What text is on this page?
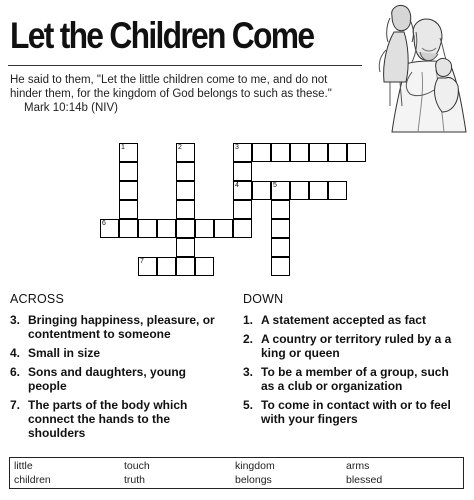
Let the Children Come
He said to them, "Let the little children come to me, and do not hinder them, for the kingdom of God belongs to such as these." Mark 10:14b (NIV)
1	2	3
4	5
6
7
ACROSS
3. Bringing happiness, pleasure, or contentment to someone
4. Small in size
6. Sons and daughters, young people
7. The parts of the body which connect the hands to the shoulders
DOWN
1. A statement accepted as fact
2. A country or territory ruled by a a king or queen
3. To be a member of a group, such as a club or organization
5. To come in contact with or to feel with your fingers
little	touch	kingdom	arms
children	truth	belongs	blessed
